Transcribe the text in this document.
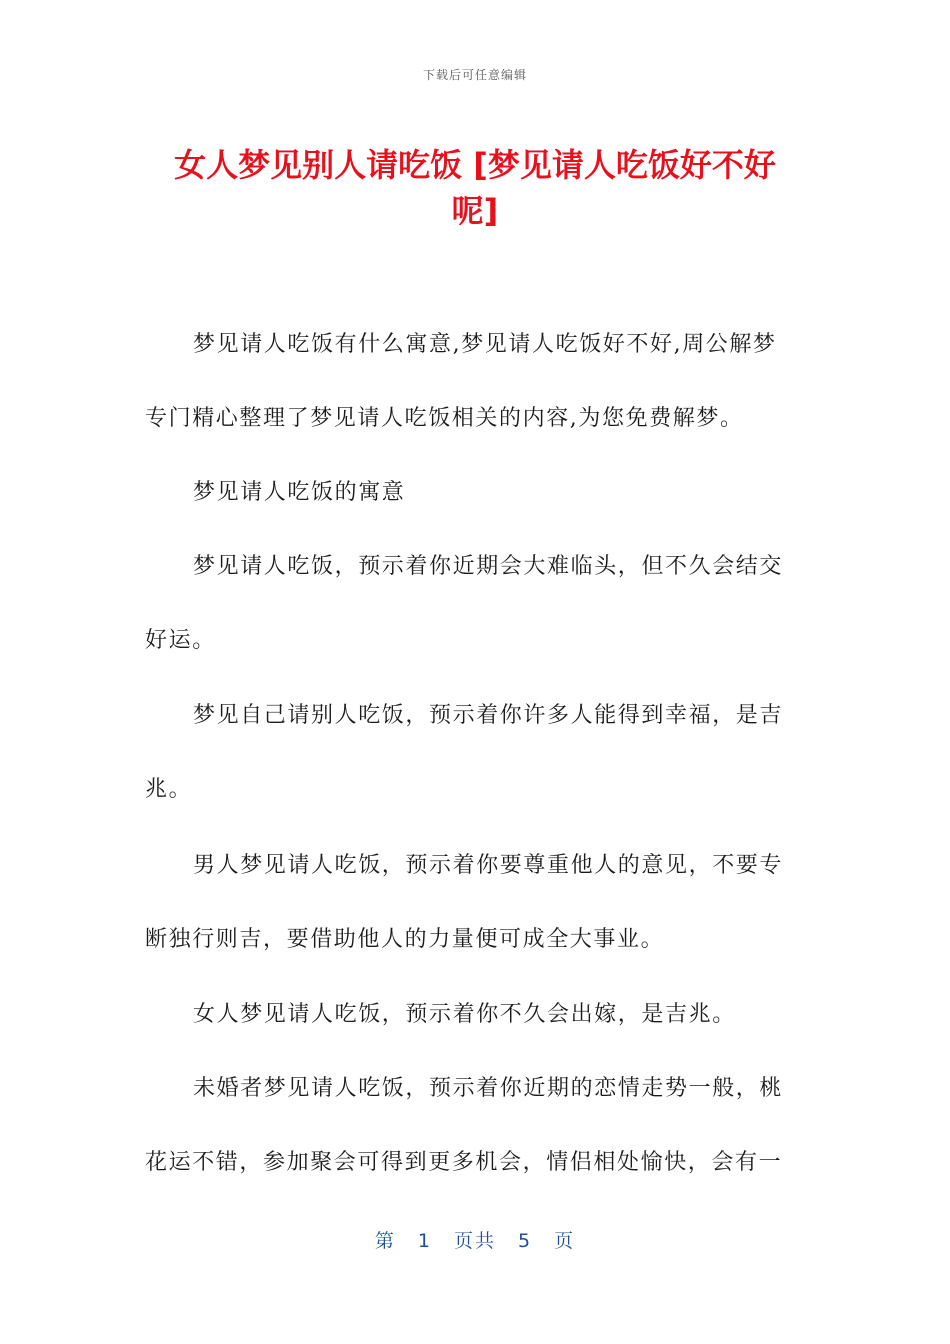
下载后可任意编辑
女人梦见别人请吃饭 [梦见请人吃饭好不好
呢]

梦见请人吃饭有什么寓意,梦见请人吃饭好不好,周公解梦
专门精心整理了梦见请人吃饭相关的内容,为您免费解梦。

梦见请人吃饭的寓意

梦见请人吃饭，预示着你近期会大难临头，但不久会结交
好运。

梦见自己请别人吃饭，预示着你许多人能得到幸福，是吉
兆。

男人梦见请人吃饭，预示着你要尊重他人的意见，不要专
断独行则吉，要借助他人的力量便可成全大事业。

女人梦见请人吃饭，预示着你不久会出嫁，是吉兆。

未婚者梦见请人吃饭，预示着你近期的恋情走势一般，桃
花运不错，参加聚会可得到更多机会，情侣相处愉快，会有一

第 1 页共 5 页
